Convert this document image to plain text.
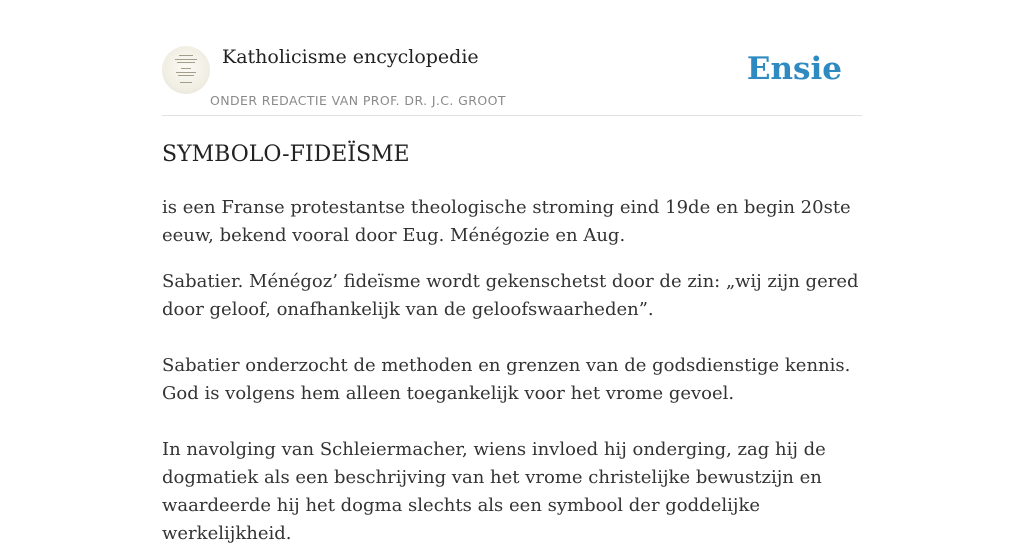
Katholicisme encyclopedie
ONDER REDACTIE VAN PROF. DR. J.C. GROOT
Ensie
SYMBOLO-FIDEÏSME

is een Franse protestantse theologische stroming eind 19de en begin 20ste eeuw, bekend vooral door Eug. Ménégozie en Aug.

Sabatier. Ménégoz’ fideïsme wordt gekenschetst door de zin: „wij zijn gered door geloof, onafhankelijk van de geloofswaarheden”.

Sabatier onderzocht de methoden en grenzen van de godsdienstige kennis. God is volgens hem alleen toegankelijk voor het vrome gevoel.

In navolging van Schleiermacher, wiens invloed hij onderging, zag hij de dogmatiek als een beschrijving van het vrome christelijke bewustzijn en waardeerde hij het dogma slechts als een symbool der goddelijke werkelijkheid.
